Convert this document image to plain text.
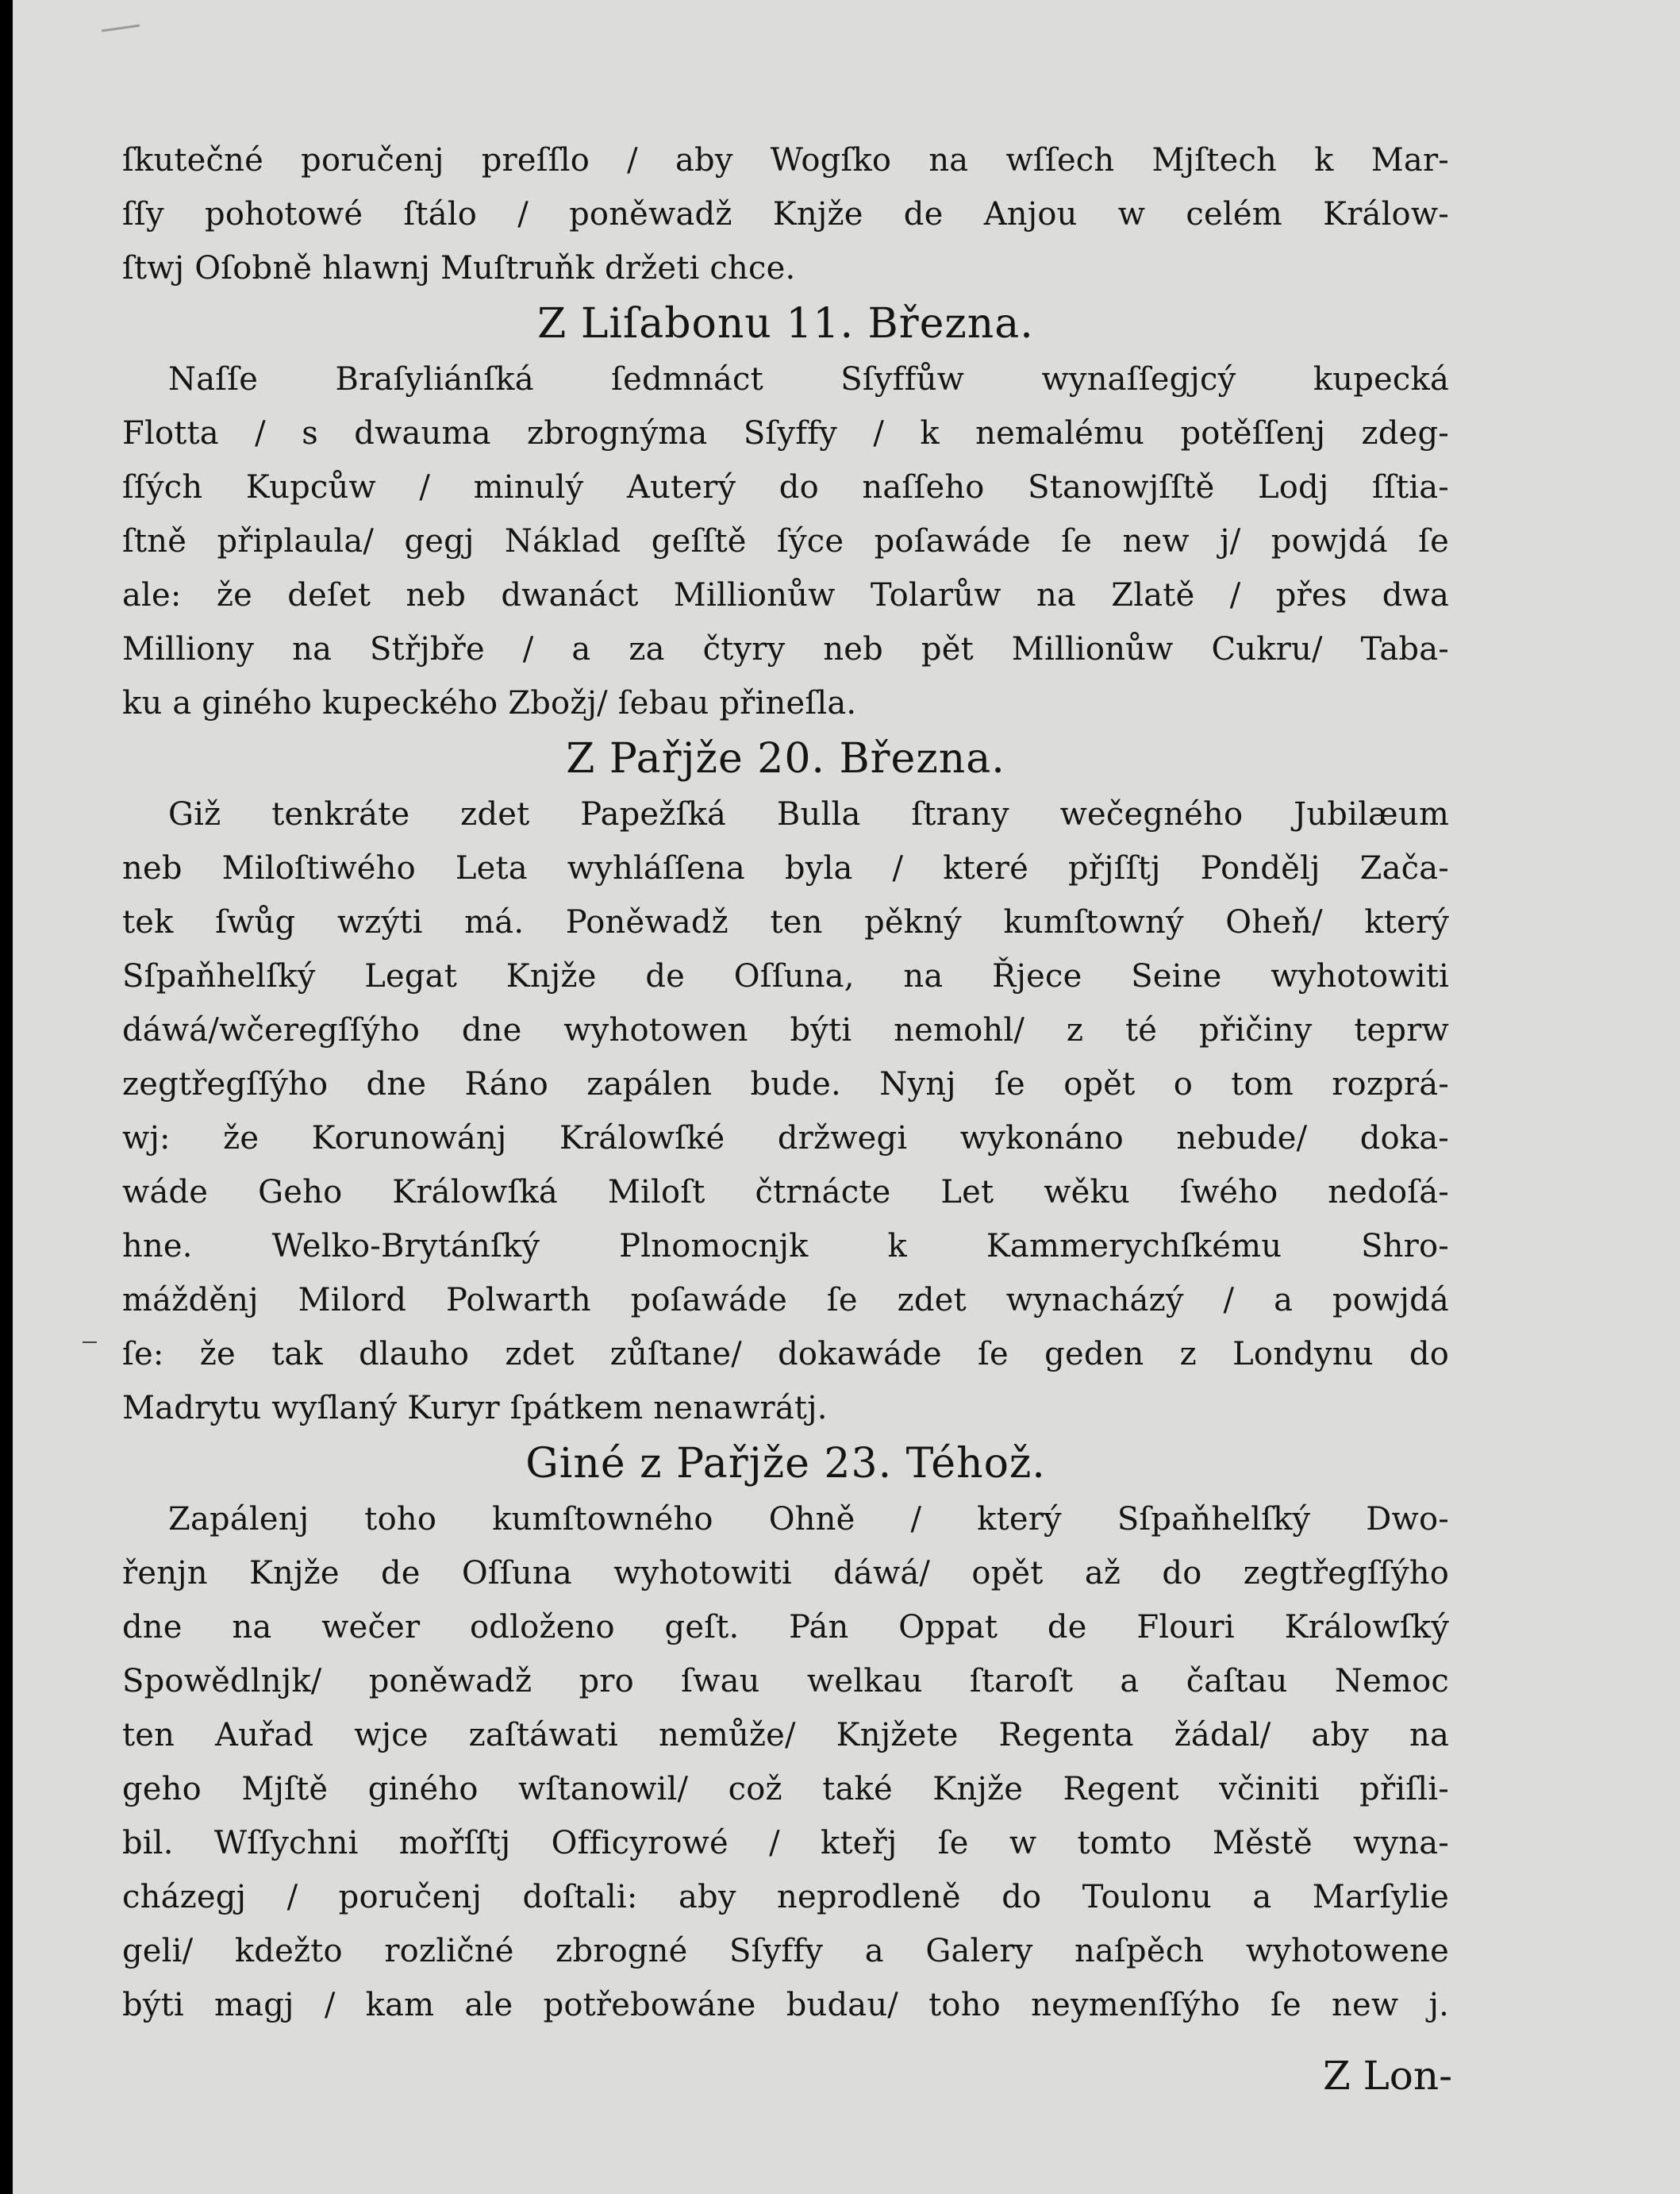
ſkutečné poručenj preſſlo / aby Wogſko na wſſech Mjſtech k Mar-
ſſy pohotowé ſtálo / poněwadž Knjže de Anjou w celém Králow-
ſtwj Oſobně hlawnj Muſtruňk držeti chce.
Z Liſabonu 11. Března.
Naſſe Braſyliánſká ſedmnáct Sſyffůw wynaſſegjcý kupecká
Flotta / s dwauma zbrognýma Sſyffy / k nemalému potěſſenj zdeg-
ſſých Kupcůw / minulý Auterý do naſſeho Stanowjſſtě Lodj ſſtia-
ſtně připlaula/ gegj Náklad geſſtě ſýce poſawáde ſe new j/ powjdá ſe
ale: že deſet neb dwanáct Millionůw Tolarůw na Zlatě / přes dwa
Milliony na Střjbře / a za čtyry neb pět Millionůw Cukru/ Taba-
ku a giného kupeckého Zbožj/ ſebau přineſla.
Z Pařjže 20. Března.
Giž tenkráte zdet Papežſká Bulla ſtrany wečegného Jubilæum
neb Miloſtiwého Leta wyhláſſena byla / které přjſſtj Pondělj Zača-
tek ſwůg wzýti má. Poněwadž ten pěkný kumſtowný Oheň/ který
Sſpaňhelſký Legat Knjže de Oſſuna, na Řjece Seine wyhotowiti
dáwá/wčeregſſýho dne wyhotowen býti nemohl/ z té přičiny teprw
zegtřegſſýho dne Ráno zapálen bude. Nynj ſe opět o tom rozprá-
wj: že Korunowánj Králowſké držwegi wykonáno nebude/ doka-
wáde Geho Králowſká Miloſt čtrnácte Let wěku ſwého nedoſá-
hne. Welko-Brytánſký Plnomocnjk k Kammerychſkému Shro-
mážděnj Milord Polwarth poſawáde ſe zdet wynacházý / a powjdá
ſe: že tak dlauho zdet zůſtane/ dokawáde ſe geden z Londynu do
Madrytu wyſlaný Kuryr ſpátkem nenawrátj.
Giné z Pařjže 23. Téhož.
Zapálenj toho kumſtowného Ohně / který Sſpaňhelſký Dwo-
řenjn Knjže de Oſſuna wyhotowiti dáwá/ opět až do zegtřegſſýho
dne na wečer odloženo geſt. Pán Oppat de Flouri Králowſký
Spowědlnjk/ poněwadž pro ſwau welkau ſtaroſt a čaſtau Nemoc
ten Auřad wjce zaſtáwati nemůže/ Knjžete Regenta žádal/ aby na
geho Mjſtě giného wſtanowil/ což také Knjže Regent včiniti přiſli-
bil. Wſſychni mořſſtj Officyrowé / kteřj ſe w tomto Městě wyna-
cházegj / poručenj doſtali: aby neprodleně do Toulonu a Marſylie
geli/ kdežto rozličné zbrogné Sſyffy a Galery naſpěch wyhotowene
býti magj / kam ale potřebowáne budau/ toho neymenſſýho ſe new j.
Z Lon-
